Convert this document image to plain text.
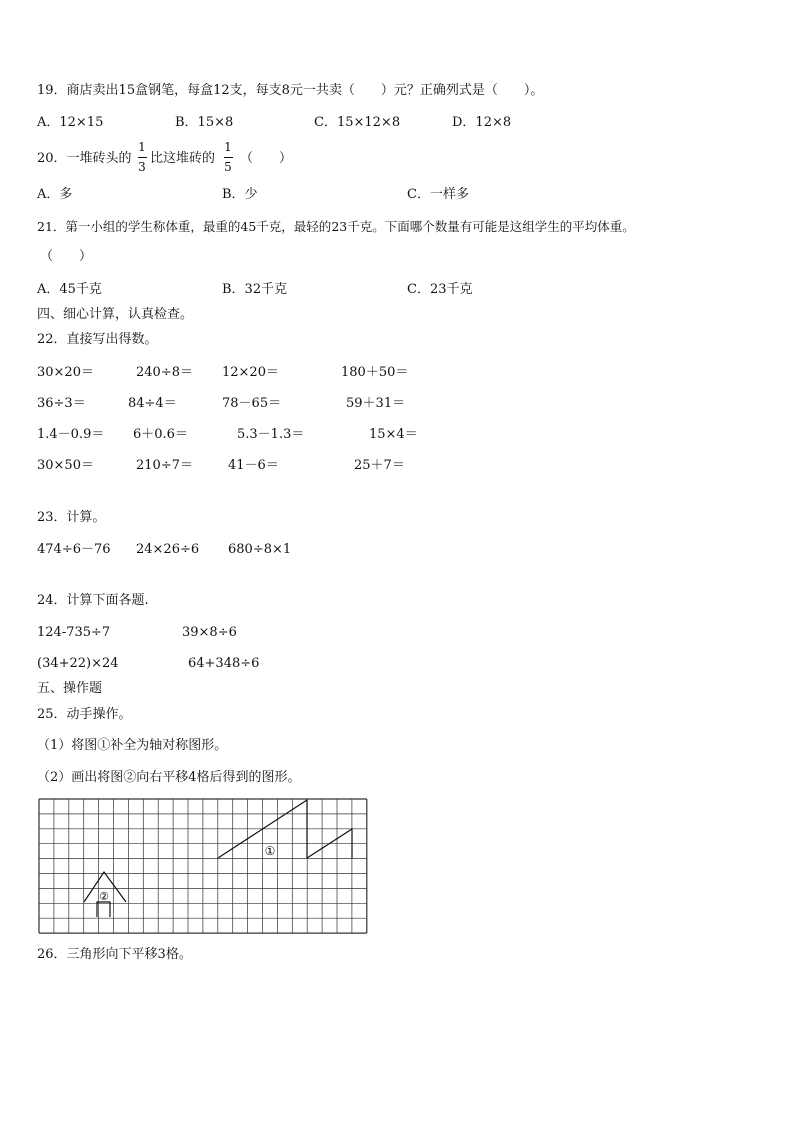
19．商店卖出15盒钢笔，每盒12支，每支8元一共卖（　　）元？正确列式是（　　）。
A．12×15	B．15×8	C．15×12×8	D．12×8
20．一堆砖头的
1
3
比这堆砖的
1
5
（　　）
A．多	B．少	C．一样多
21．第一小组的学生称体重，最重的45千克，最轻的23千克。下面哪个数量有可能是这组学生的平均体重。
（　　）
A．45千克	B．32千克	C．23千克
四、细心计算，认真检查。
22．直接写出得数。
30×20＝	240÷8＝ 12×20＝	180＋50＝
36÷3＝	84÷4＝	78－65＝	59＋31＝
1.4－0.9＝ 6＋0.6＝	5.3－1.3＝	15×4＝
30×50＝	210÷7＝	41－6＝	25＋7＝
23．计算。
474÷6－76 24×26÷6 680÷8×1
24．计算下面各题.
124-735÷7	39×8÷6
(34+22)×24	64+348÷6
五、操作题
25．动手操作。
（1）将图①补全为轴对称图形。
（2）画出将图②向右平移4格后得到的图形。
①
②
26．三角形向下平移3格。
